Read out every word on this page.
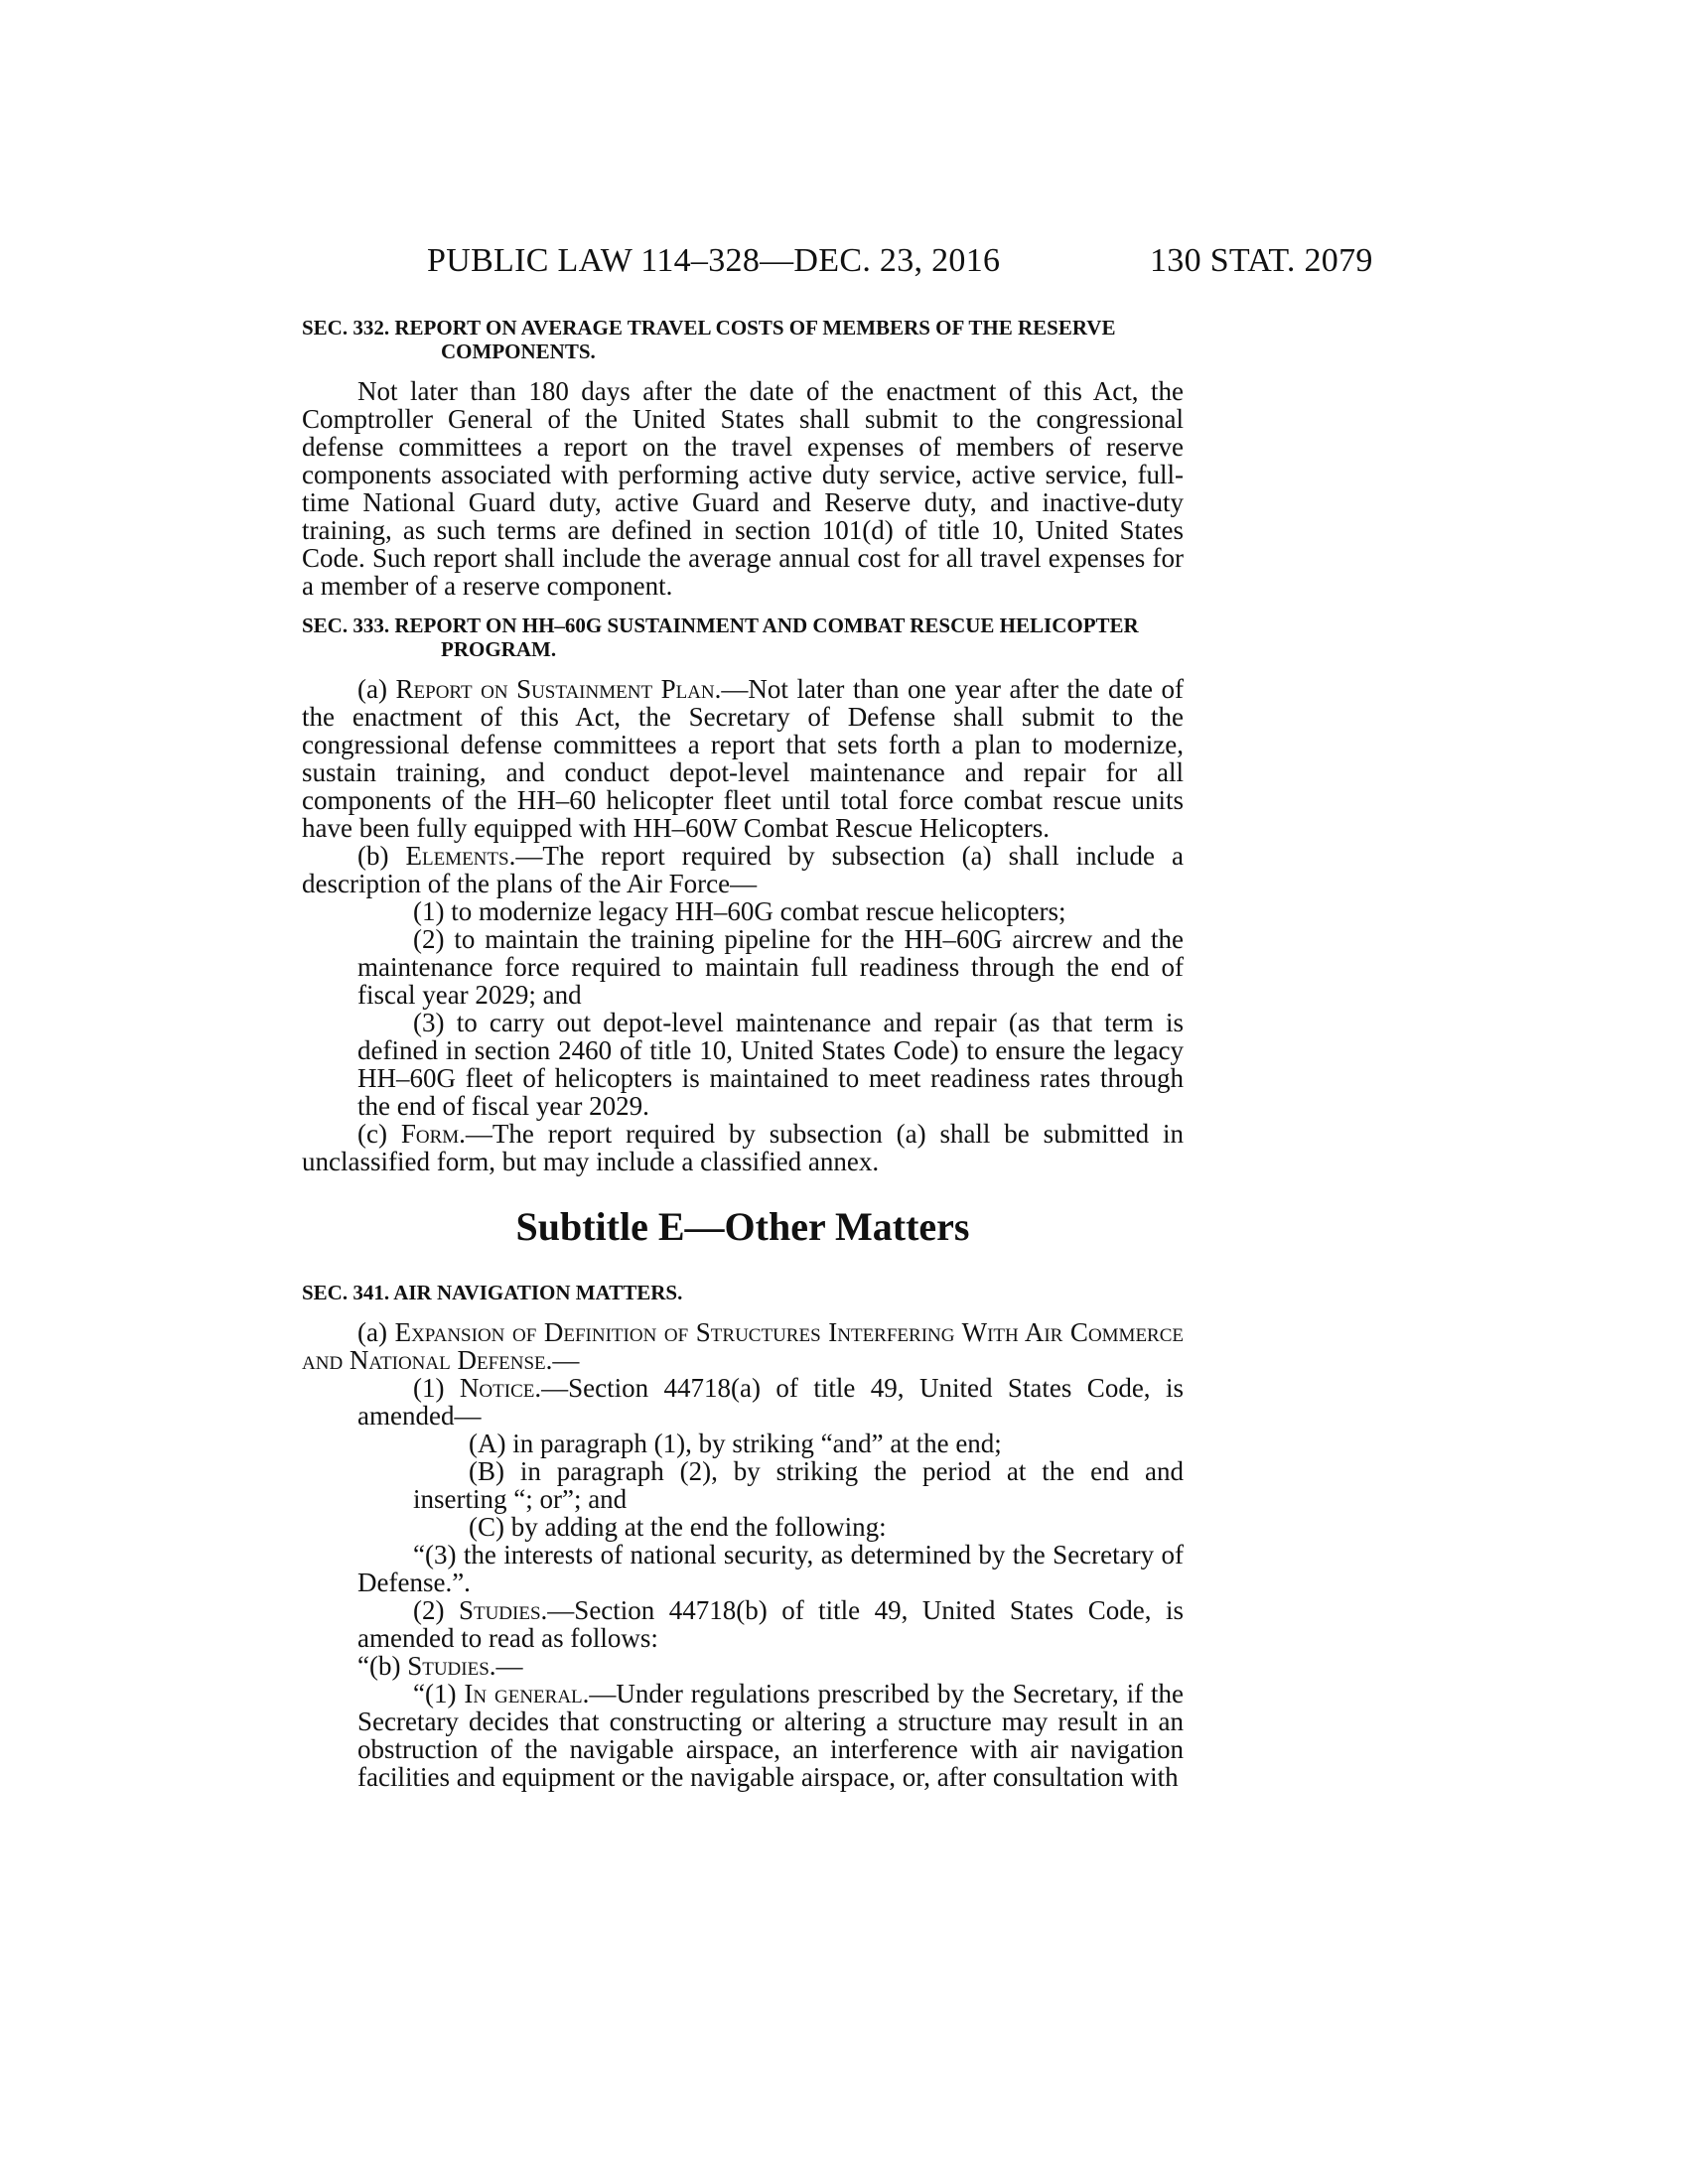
PUBLIC LAW 114–328—DEC. 23, 2016	130 STAT. 2079
SEC. 332. REPORT ON AVERAGE TRAVEL COSTS OF MEMBERS OF THE RESERVE COMPONENTS.

Not later than 180 days after the date of the enactment of this Act, the Comptroller General of the United States shall submit to the congressional defense committees a report on the travel expenses of members of reserve components associated with performing active duty service, active service, full-time National Guard duty, active Guard and Reserve duty, and inactive-duty training, as such terms are defined in section 101(d) of title 10, United States Code. Such report shall include the average annual cost for all travel expenses for a member of a reserve component.

SEC. 333. REPORT ON HH–60G SUSTAINMENT AND COMBAT RESCUE HELICOPTER PROGRAM.

(a) Report on Sustainment Plan.—Not later than one year after the date of the enactment of this Act, the Secretary of Defense shall submit to the congressional defense committees a report that sets forth a plan to modernize, sustain training, and conduct depot-level maintenance and repair for all components of the HH–60 helicopter fleet until total force combat rescue units have been fully equipped with HH–60W Combat Rescue Helicopters.

(b) Elements.—The report required by subsection (a) shall include a description of the plans of the Air Force—

(1) to modernize legacy HH–60G combat rescue helicopters;

(2) to maintain the training pipeline for the HH–60G aircrew and the maintenance force required to maintain full readiness through the end of fiscal year 2029; and

(3) to carry out depot-level maintenance and repair (as that term is defined in section 2460 of title 10, United States Code) to ensure the legacy HH–60G fleet of helicopters is maintained to meet readiness rates through the end of fiscal year 2029.

(c) Form.—The report required by subsection (a) shall be submitted in unclassified form, but may include a classified annex.

Subtitle E—Other Matters
SEC. 341. AIR NAVIGATION MATTERS.

(a) Expansion of Definition of Structures Interfering With Air Commerce and National Defense.—

(1) Notice.—Section 44718(a) of title 49, United States Code, is amended—

(A) in paragraph (1), by striking “and” at the end;

(B) in paragraph (2), by striking the period at the end and inserting “; or”; and

(C) by adding at the end the following:

“(3) the interests of national security, as determined by the Secretary of Defense.”.

(2) Studies.—Section 44718(b) of title 49, United States Code, is amended to read as follows:

“(b) Studies.—

“(1) In general.—Under regulations prescribed by the Secretary, if the Secretary decides that constructing or altering a structure may result in an obstruction of the navigable airspace, an interference with air navigation facilities and equipment or the navigable airspace, or, after consultation with
